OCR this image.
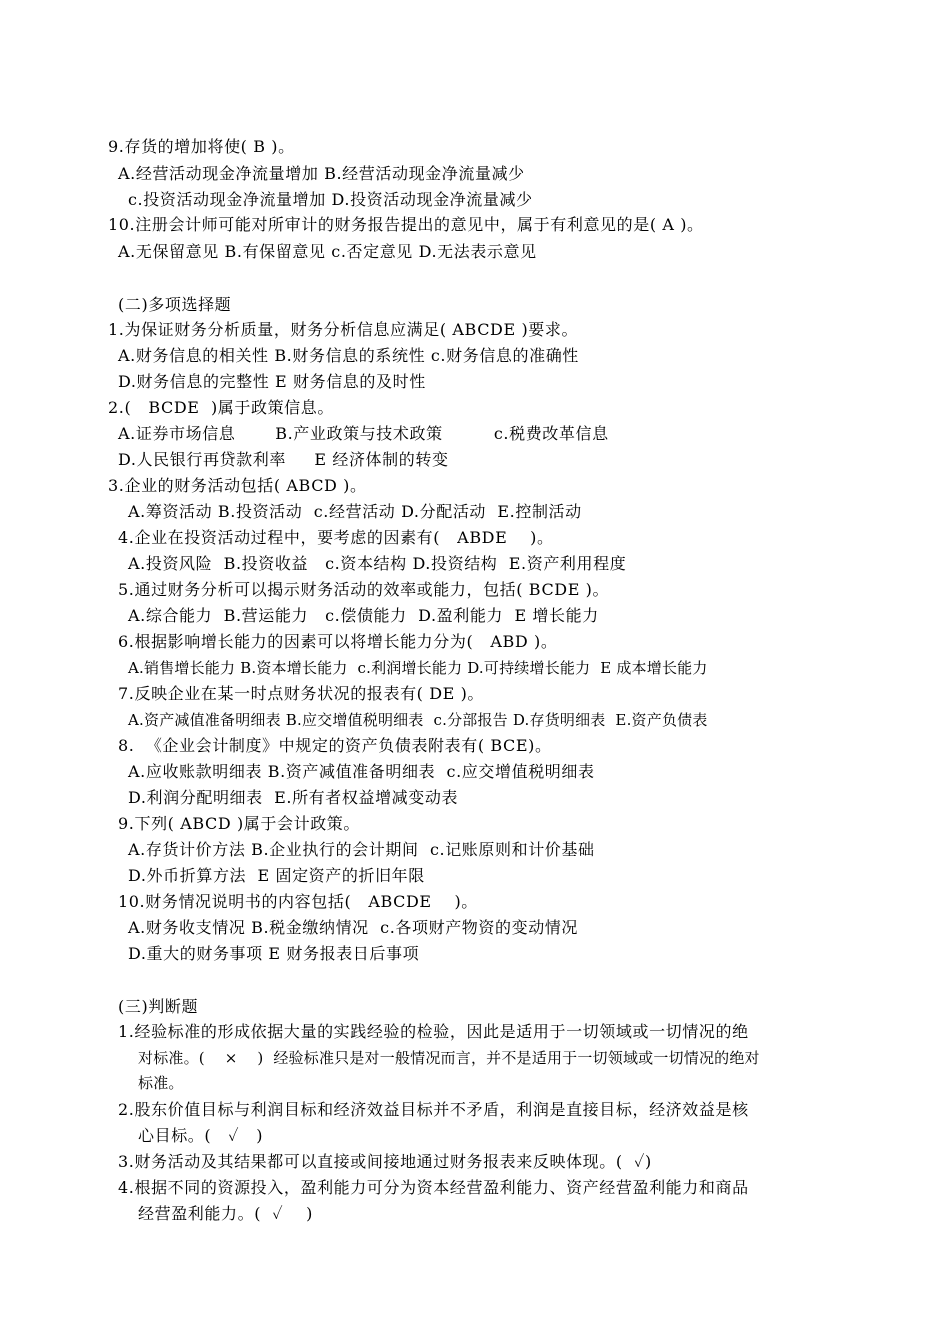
9.存货的增加将使( B )。
A.经营活动现金净流量增加 B.经营活动现金净流量减少
c.投资活动现金净流量增加 D.投资活动现金净流量减少
10.注册会计师可能对所审计的财务报告提出的意见中，属于有利意见的是( A )。
A.无保留意见 B.有保留意见 c.否定意见 D.无法表示意见
(二)多项选择题
1.为保证财务分析质量，财务分析信息应满足( ABCDE )要求。
A.财务信息的相关性 B.财务信息的系统性 c.财务信息的准确性
D.财务信息的完整性 E 财务信息的及时性
2.(   BCDE  )属于政策信息。
A.证券市场信息       B.产业政策与技术政策         c.税费改革信息
D.人民银行再贷款利率     E 经济体制的转变
3.企业的财务活动包括( ABCD )。
A.筹资活动 B.投资活动  c.经营活动 D.分配活动  E.控制活动
4.企业在投资活动过程中，要考虑的因素有(   ABDE    )。
A.投资风险  B.投资收益   c.资本结构 D.投资结构  E.资产利用程度
5.通过财务分析可以揭示财务活动的效率或能力，包括( BCDE )。
A.综合能力  B.营运能力   c.偿债能力  D.盈利能力  E 增长能力
6.根据影响增长能力的因素可以将增长能力分为(   ABD )。
A.销售增长能力 B.资本增长能力  c.利润增长能力 D.可持续增长能力  E 成本增长能力
7.反映企业在某一时点财务状况的报表有( DE )。
A.资产减值准备明细表 B.应交增值税明细表  c.分部报告 D.存货明细表  E.资产负债表
8.  《企业会计制度》中规定的资产负债表附表有( BCE)。
A.应收账款明细表 B.资产减值准备明细表  c.应交增值税明细表
D.利润分配明细表  E.所有者权益增减变动表
9.下列( ABCD )属于会计政策。
A.存货计价方法 B.企业执行的会计期间  c.记账原则和计价基础
D.外币折算方法  E 固定资产的折旧年限
10.财务情况说明书的内容包括(   ABCDE    )。
A.财务收支情况 B.税金缴纳情况  c.各项财产物资的变动情况
D.重大的财务事项 E 财务报表日后事项
(三)判断题
1.经验标准的形成依据大量的实践经验的检验，因此是适用于一切领域或一切情况的绝
对标准。(    ×    )  经验标准只是对一般情况而言，并不是适用于一切领域或一切情况的绝对
标准。
2.股东价值目标与利润目标和经济效益目标并不矛盾，利润是直接目标，经济效益是核
心目标。(   ✓   )
3.财务活动及其结果都可以直接或间接地通过财务报表来反映体现。(  ✓)
4.根据不同的资源投入，盈利能力可分为资本经营盈利能力、资产经营盈利能力和商品
经营盈利能力。(  ✓    )
